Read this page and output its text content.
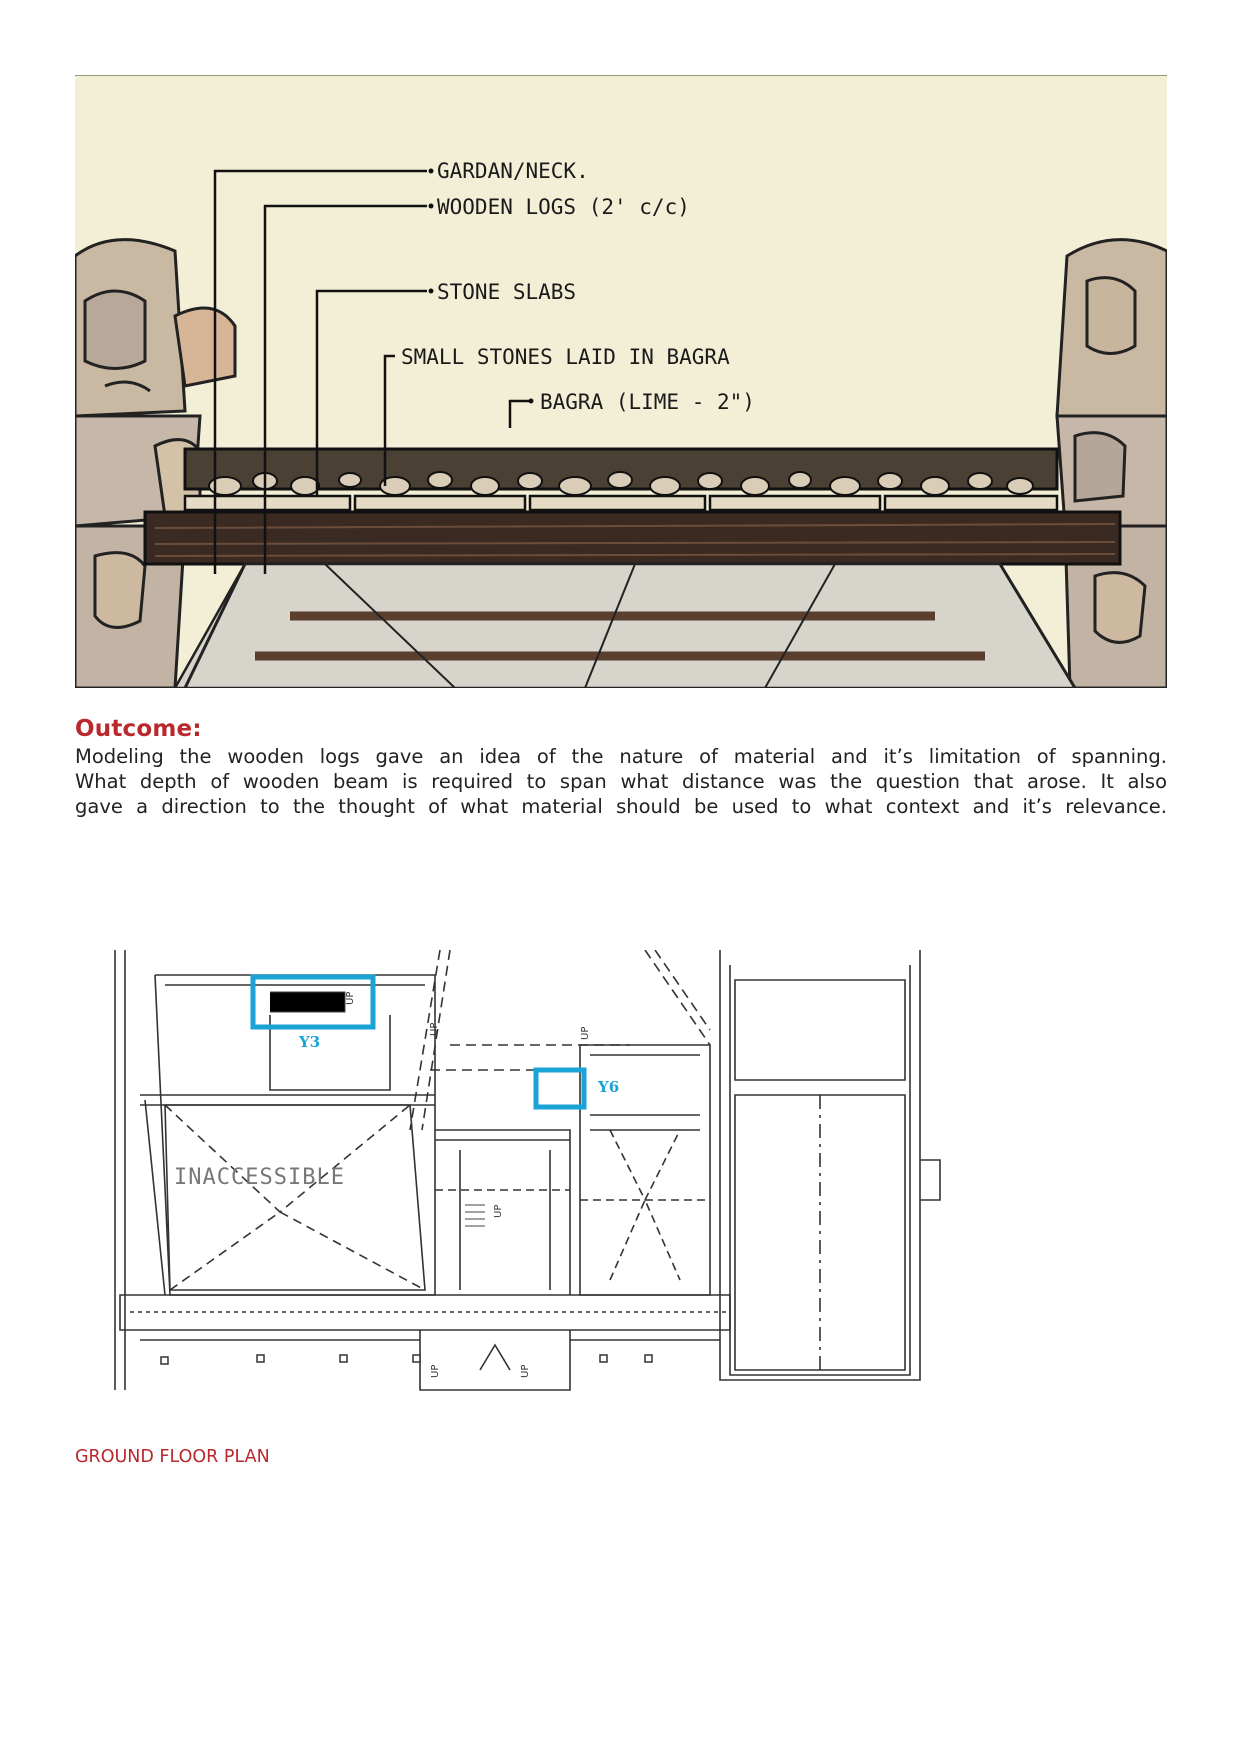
GARDAN/NECK.
WOODEN LOGS (2' c/c)
STONE SLABS
SMALL STONES LAID IN BAGRA
BAGRA (LIME - 2")
Outcome:
Modeling the wooden logs gave an idea of the nature of material and it’s limitation of spanning.
What depth of wooden beam is required to span what distance was the question that arose. It also
gave a direction to the thought of what material should be used to what context and it’s relevance.
Y3
Y6
INACCESSIBLE
UP
UP	UP
UP
UP	UP
GROUND FLOOR PLAN
